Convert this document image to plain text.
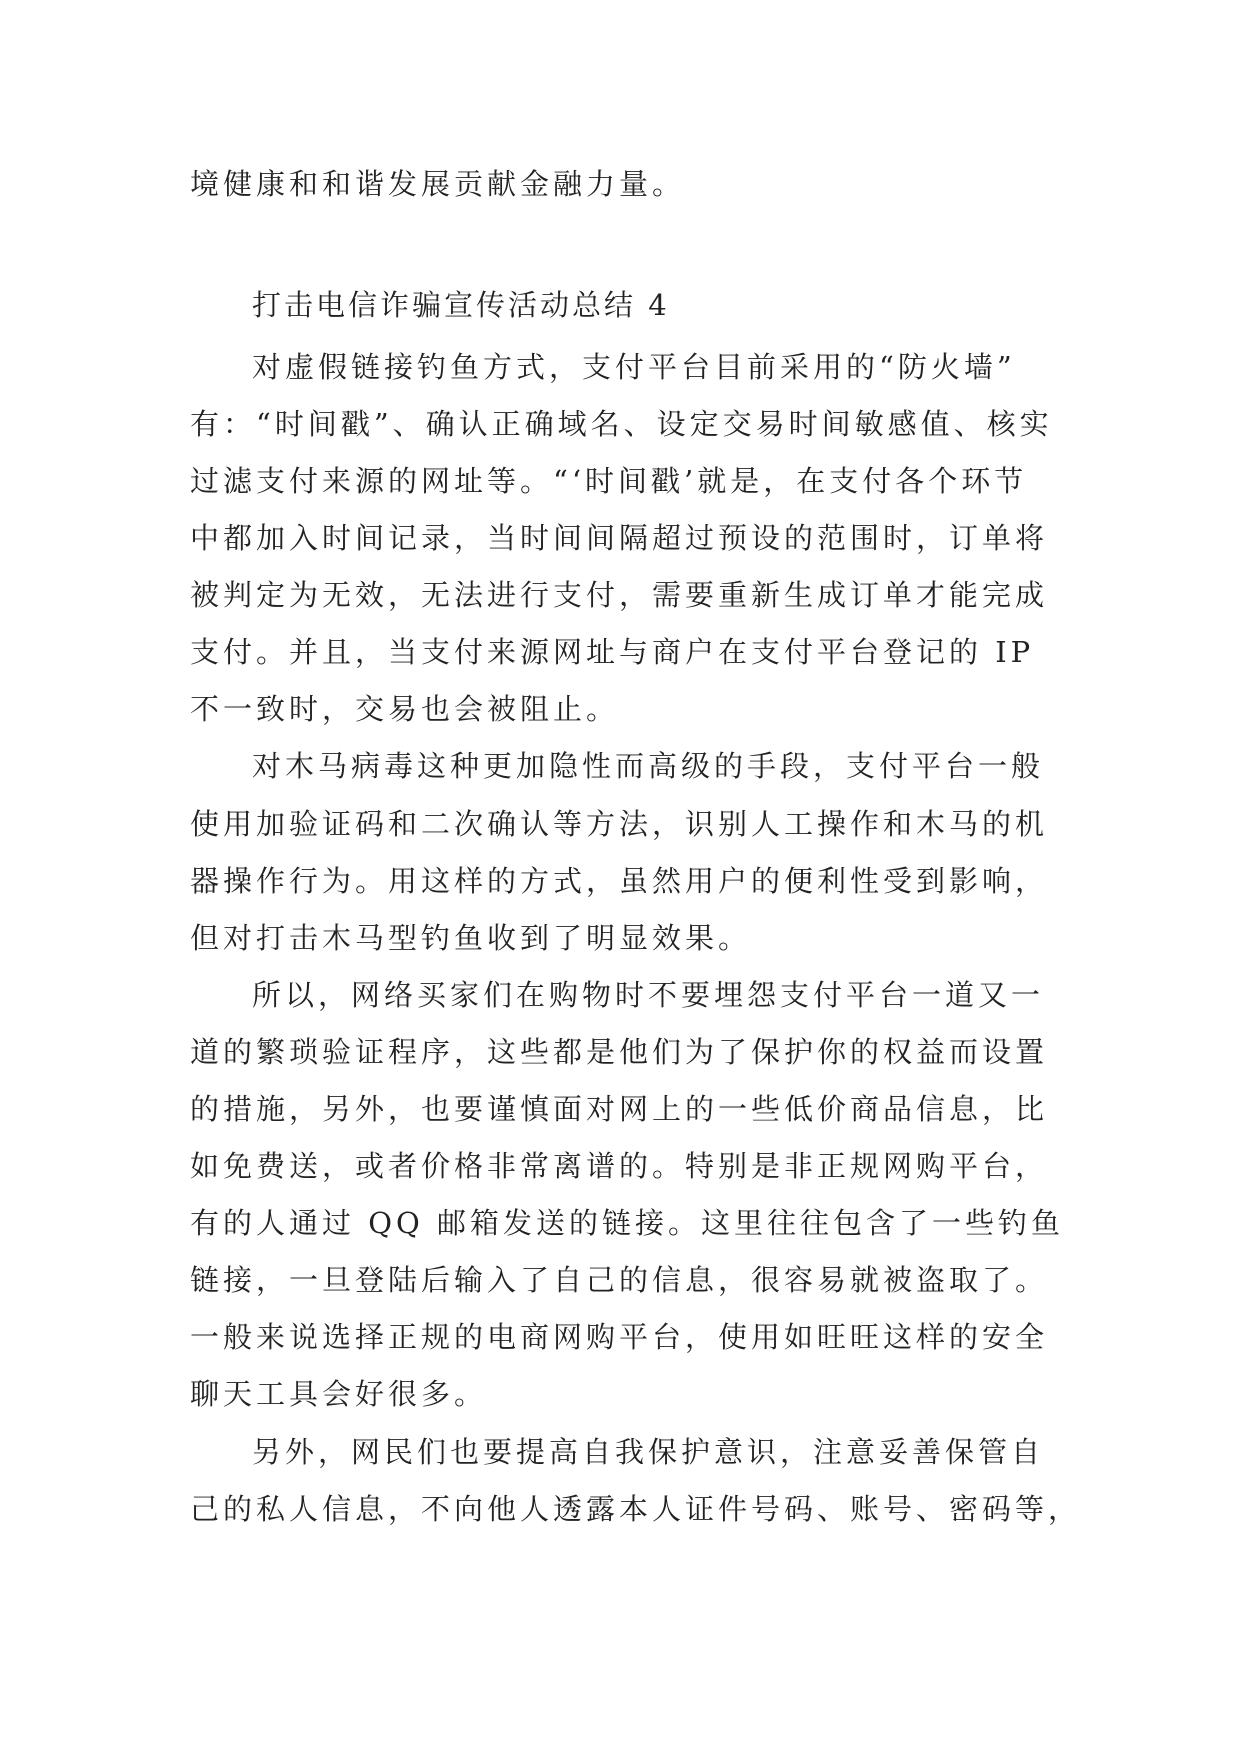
境健康和和谐发展贡献金融力量。
打击电信诈骗宣传活动总结 4
对虚假链接钓鱼方式，支付平台目前采用的“防火墙”
有：“时间戳”、确认正确域名、设定交易时间敏感值、核实
过滤支付来源的网址等。“‘时间戳’就是，在支付各个环节
中都加入时间记录，当时间间隔超过预设的范围时，订单将
被判定为无效，无法进行支付，需要重新生成订单才能完成
支付。并且，当支付来源网址与商户在支付平台登记的 IP
不一致时，交易也会被阻止。
对木马病毒这种更加隐性而高级的手段，支付平台一般
使用加验证码和二次确认等方法，识别人工操作和木马的机
器操作行为。用这样的方式，虽然用户的便利性受到影响，
但对打击木马型钓鱼收到了明显效果。
所以，网络买家们在购物时不要埋怨支付平台一道又一
道的繁琐验证程序，这些都是他们为了保护你的权益而设置
的措施，另外，也要谨慎面对网上的一些低价商品信息，比
如免费送，或者价格非常离谱的。特别是非正规网购平台，
有的人通过 QQ 邮箱发送的链接。这里往往包含了一些钓鱼
链接，一旦登陆后输入了自己的信息，很容易就被盗取了。
一般来说选择正规的电商网购平台，使用如旺旺这样的安全
聊天工具会好很多。
另外，网民们也要提高自我保护意识，注意妥善保管自
己的私人信息，不向他人透露本人证件号码、账号、密码等，
